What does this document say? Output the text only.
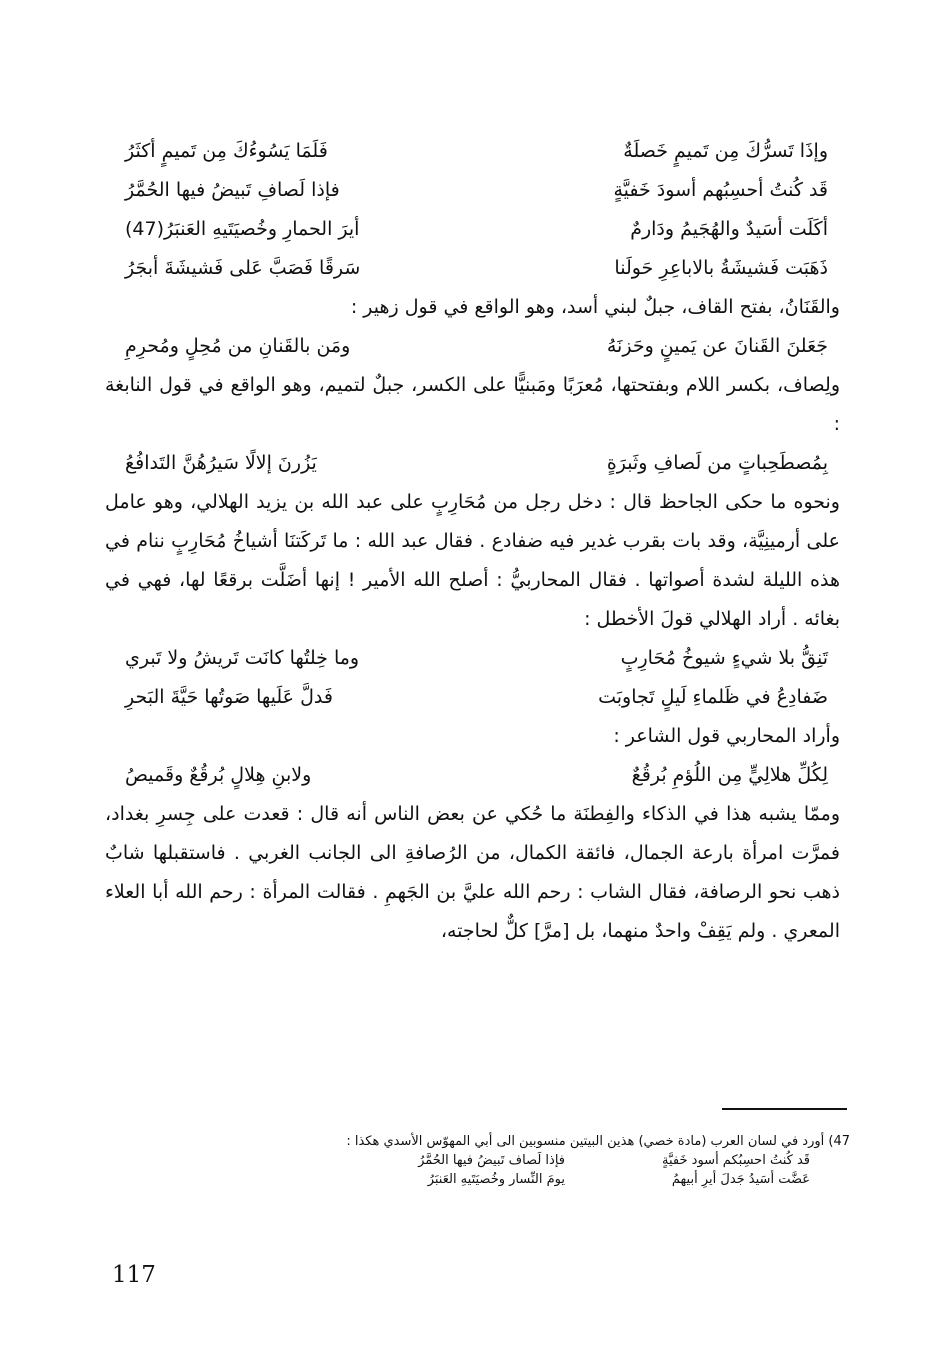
وإذَا تَسرُّكَ مِن تَميمٍ خَصلَةٌ
فَلَمَا يَسُوءُكَ مِن تَميمٍ أكثَرُ
قَد كُنتُ أحسِبُهم أسودَ خَفيَّةٍ
فإذا لَصافِ تَبيضُ فيها الحُمَّرُ
أكَلَت أسَيدٌ والهُجَيمُ ودَارمٌ
أيرَ الحمارِ وخُصيَتَيهِ العَنبَرُ(47)
ذَهَبَت فَشيشَةُ بالاباعِرِ حَولَنا
سَرقًا فَصَبَّ عَلى فَشيشَةَ أبجَرُ

والقَنَانُ، بفتح القاف، جبلٌ لبني أسد، وهو الواقع في قول زهير :

جَعَلنَ القَنانَ عن يَمينٍ وحَزنَهُ
ومَن بالقَنانِ من مُحِلٍ ومُحرِمِ

ولِصاف، بكسر اللام وبفتحتها، مُعرَبًا ومَبنيًّا على الكسر، جبلٌ لتميم، وهو الواقع في قول النابغة :

بِمُصطَحِباتٍ من لَصافِ وثَبرَةٍ
يَزُرنَ إلالًا سَيرُهُنَّ التَدافُعُ

ونحوه ما حكى الجاحظ قال : دخل رجل من مُحَارِبٍ على عبد الله بن يزيد الهلالي، وهو عامل على أرمينِيَّة، وقد بات بقرب غدير فيه ضفادع . فقال عبد الله : ما تَركَتنَا أشياخُ مُحَارِبٍ ننام في هذه الليلة لشدة أصواتها . فقال المحاربيُّ : أصلح الله الأمير ! إنها أضَلَّت برقعًا لها، فهي في بغائه . أراد الهلالي قولَ الأخطل :

تَنِقُّ بلا شيءٍ شيوخُ مُحَارِبٍ
وما خِلتُها كانَت تَريشُ ولا تَبري
ضَفادِعُ في ظَلماءِ لَيلٍ تَجاوبَت
فَدلَّ عَلَيها صَوتُها حَيَّةَ البَحرِ

وأراد المحاربي قول الشاعر :

لِكُلِّ هلالِيٍّ مِن اللُؤمِ بُرقُعٌ
ولابنِ هِلالٍ بُرقُعٌ وقَميصُ

وممّا يشبه هذا في الذكاء والفِطنَة ما حُكي عن بعض الناس أنه قال : قعدت على جِسرِ بغداد، فمرَّت امرأة بارعة الجمال، فائقة الكمال، من الرُصافةِ الى الجانب الغربي . فاستقبلها شابٌ ذهب نحو الرصافة، فقال الشاب : رحم الله عليَّ بن الجَهمِ . فقالت المرأة : رحم الله أبا العلاء المعري . ولم يَقِفْ واحدٌ منهما، بل [مرَّ] كلٌّ لحاجته،

47) أورد في لسان العرب (مادة خصي) هذين البيتين منسوبين الى أبي المهوّس الأسدي هكذا :
قَد كُنتُ احسِبُكم أسود خَفيَّةٍ
فإذا لَصاف تَبيضُ فيها الحُمَّرُ
عَضَّت أسَيدُ جَدلَ أيرِ أبيهمُ
يومَ النِّسار وخُصيَتَيهِ العَنبَرُ
117
